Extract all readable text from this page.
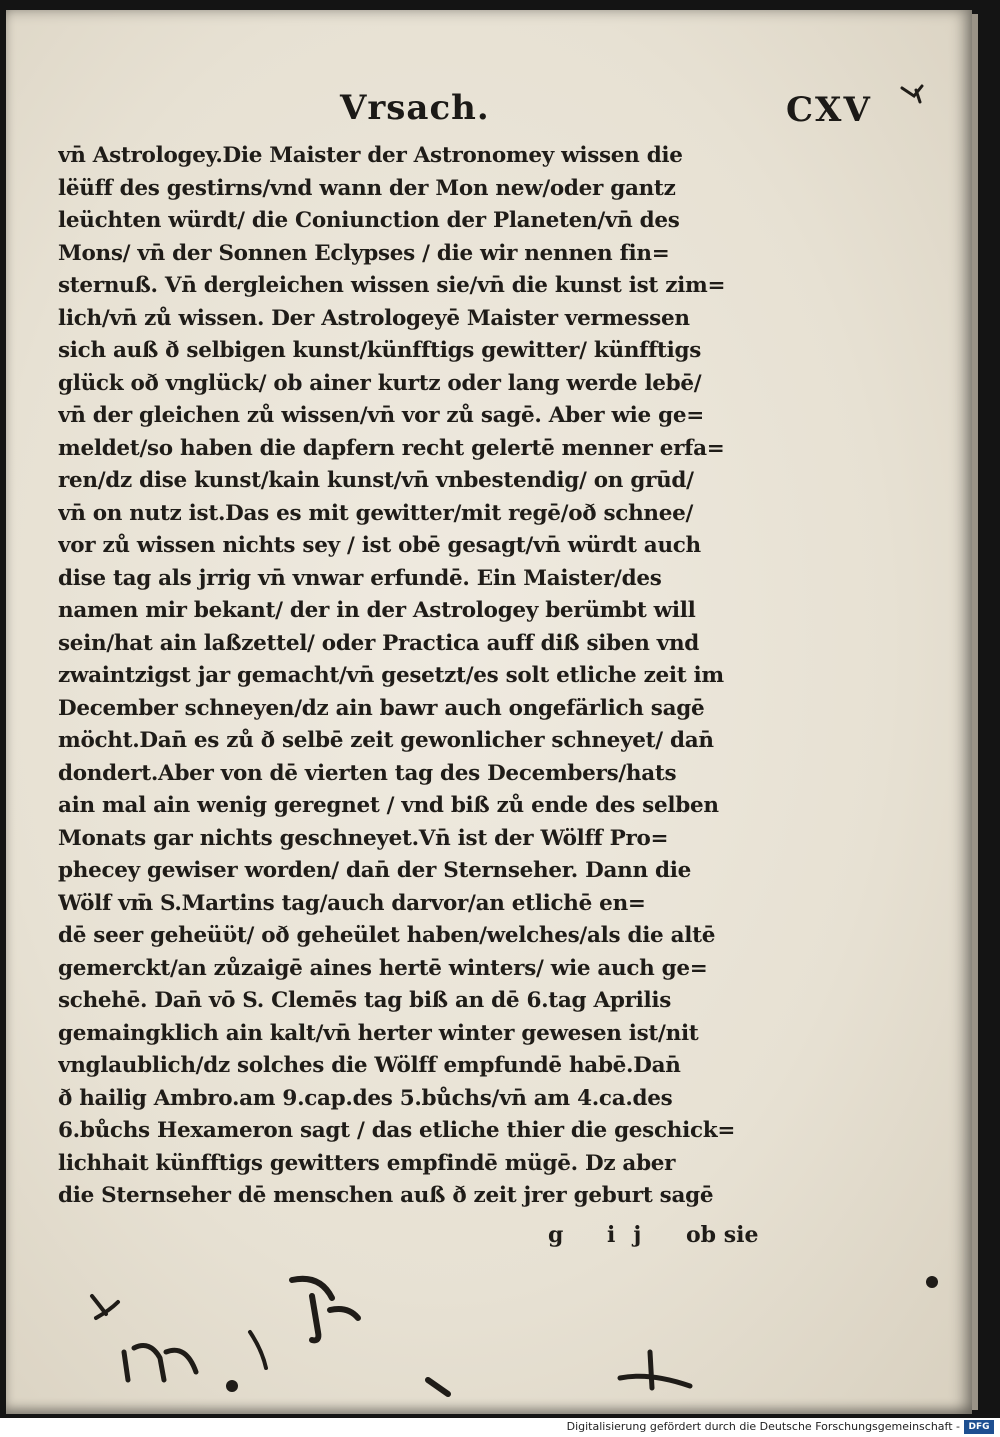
Vrsach.	CXV
vn̄ Astrologey.Die Maister der Astronomey wissen die
lëüff des gestirns/vnd wann der Mon new/oder gantz
leüchten würdt/ die Coniunction der Planeten/vn̄ des
Mons/ vn̄ der Sonnen Eclypses / die wir nennen fin=
sternuß. Vn̄ dergleichen wissen sie/vn̄ die kunst ist zim=
lich/vn̄ zů wissen. Der Astrologeyē Maister vermessen
sich auß ð selbigen kunst/künfftigs gewitter/ künfftigs
glück oð vnglück/ ob ainer kurtz oder lang werde lebē/
vn̄ der gleichen zů wissen/vn̄ vor zů sagē. Aber wie ge=
meldet/so haben die dapfern recht gelertē menner erfa=
ren/dz dise kunst/kain kunst/vn̄ vnbestendig/ on grūd/
vn̄ on nutz ist.Das es mit gewitter/mit regē/oð schnee/
vor zů wissen nichts sey / ist obē gesagt/vn̄ würdt auch
dise tag als jrrig vn̄ vnwar erfundē. Ein Maister/des
namen mir bekant/ der in der Astrologey berümbt will
sein/hat ain laßzettel/ oder Practica auff diß siben vnd
zwaintzigst jar gemacht/vn̄ gesetzt/es solt etliche zeit im
December schneyen/dz ain bawr auch ongefärlich sagē
möcht.Dan̄ es zů ð selbē zeit gewonlicher schneyet/ dan̄
dondert.Aber von dē vierten tag des Decembers/hats
ain mal ain wenig geregnet / vnd biß zů ende des selben
Monats gar nichts geschneyet.Vn̄ ist der Wölff Pro=
phecey gewiser worden/ dan̄ der Sternseher. Dann die
Wölf vm̄ S.Martins tag/auch darvor/an etlichē en=
dē seer geheüϋt/ oð geheület haben/welches/als die altē
gemerckt/an zůzaigē aines hertē winters/ wie auch ge=
schehē. Dan̄ vō S. Clemēs tag biß an dē 6.tag Aprilis
gemaingklich ain kalt/vn̄ herter winter gewesen ist/nit
vnglaublich/dz solches die Wölff empfundē habē.Dan̄
ð hailig Ambro.am 9.cap.des 5.bůchs/vn̄ am 4.ca.des
6.bůchs Hexameron sagt / das etliche thier die geschick=
lichhait künfftigs gewitters empfindē mügē. Dz aber
die Sternseher dē menschen auß ð zeit jrer geburt sagē
g ij ob sie
Digitalisierung gefördert durch die Deutsche Forschungsgemeinschaft - DFG
